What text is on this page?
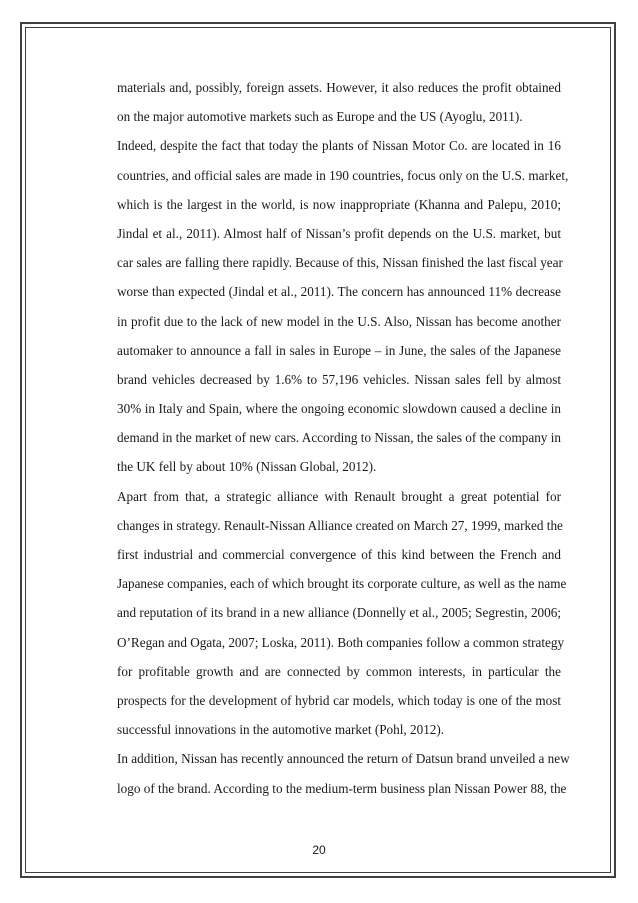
materials and, possibly, foreign assets. However, it also reduces the profit obtained
on the major automotive markets such as Europe and the US (Ayoglu, 2011).
Indeed, despite the fact that today the plants of Nissan Motor Co. are located in 16
countries, and official sales are made in 190 countries, focus only on the U.S. market,
which is the largest in the world, is now inappropriate (Khanna and Palepu, 2010;
Jindal et al., 2011). Almost half of Nissan’s profit depends on the U.S. market, but
car sales are falling there rapidly. Because of this, Nissan finished the last fiscal year
worse than expected (Jindal et al., 2011). The concern has announced 11% decrease
in profit due to the lack of new model in the U.S. Also, Nissan has become another
automaker to announce a fall in sales in Europe – in June, the sales of the Japanese
brand vehicles decreased by 1.6% to 57,196 vehicles. Nissan sales fell by almost
30% in Italy and Spain, where the ongoing economic slowdown caused a decline in
demand in the market of new cars. According to Nissan, the sales of the company in
the UK fell by about 10% (Nissan Global, 2012).
Apart from that, a strategic alliance with Renault brought a great potential for
changes in strategy. Renault-Nissan Alliance created on March 27, 1999, marked the
first industrial and commercial convergence of this kind between the French and
Japanese companies, each of which brought its corporate culture, as well as the name
and reputation of its brand in a new alliance (Donnelly et al., 2005; Segrestin, 2006;
O’Regan and Ogata, 2007; Loska, 2011). Both companies follow a common strategy
for profitable growth and are connected by common interests, in particular the
prospects for the development of hybrid car models, which today is one of the most
successful innovations in the automotive market (Pohl, 2012).
In addition, Nissan has recently announced the return of Datsun brand unveiled a new
logo of the brand. According to the medium-term business plan Nissan Power 88, the
20
